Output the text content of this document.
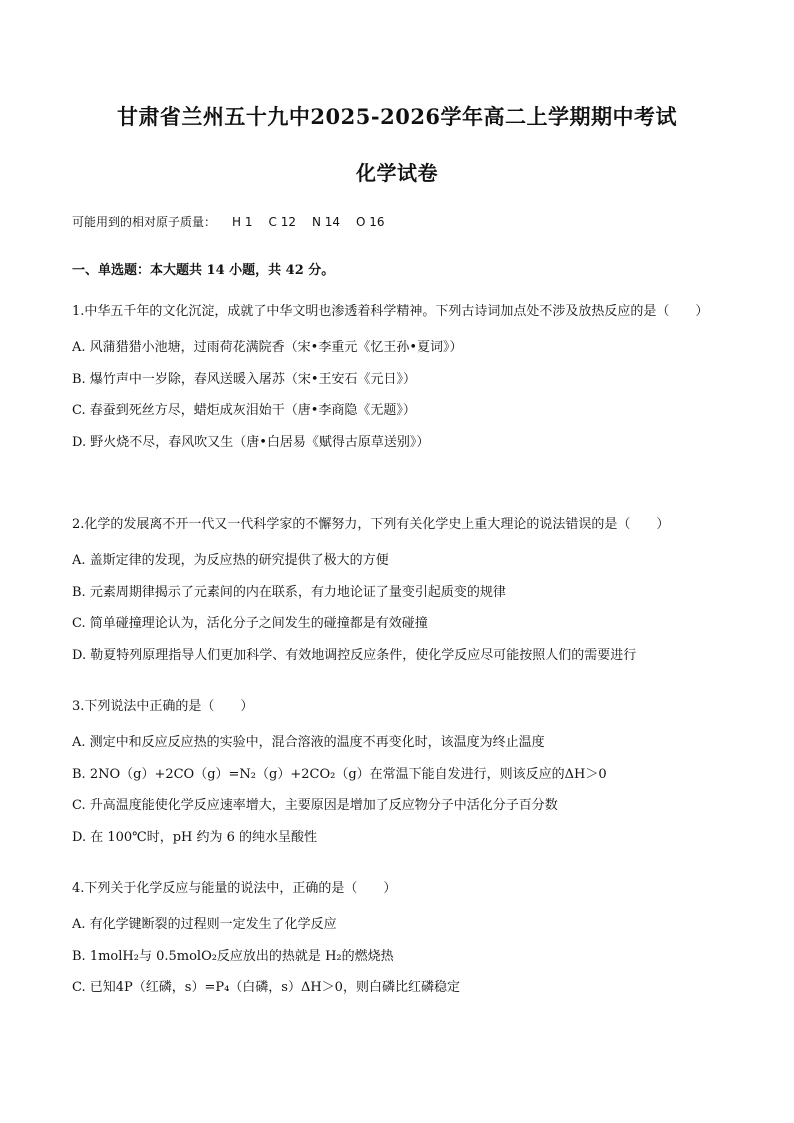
甘肃省兰州五十九中2025-2026学年高二上学期期中考试
化学试卷
可能用到的相对原子质量： H 1 C 12 N 14 O 16
一、单选题：本大题共 14 小题，共 42 分。

1.中华五千年的文化沉淀，成就了中华文明也渗透着科学精神。下列古诗词加点处不涉及放热反应的是（　　）

A. 风蒲猎猎小池塘，过雨荷花满院香（宋•李重元《忆王孙•夏词》）

B. 爆竹声中一岁除，春风送暖入屠苏（宋•王安石《元日》）

C. 春蚕到死丝方尽，蜡炬成灰泪始干（唐•李商隐《无题》）

D. 野火烧不尽，春风吹又生（唐•白居易《赋得古原草送别》）

2.化学的发展离不开一代又一代科学家的不懈努力，下列有关化学史上重大理论的说法错误的是（　　）

A. 盖斯定律的发现，为反应热的研究提供了极大的方便

B. 元素周期律揭示了元素间的内在联系，有力地论证了量变引起质变的规律

C. 简单碰撞理论认为，活化分子之间发生的碰撞都是有效碰撞

D. 勒夏特列原理指导人们更加科学、有效地调控反应条件，使化学反应尽可能按照人们的需要进行

3.下列说法中正确的是（　　）

A. 测定中和反应反应热的实验中，混合溶液的温度不再变化时，该温度为终止温度

B. 2NO（g）+2CO（g）=N₂（g）+2CO₂（g）在常温下能自发进行，则该反应的ΔH＞0

C. 升高温度能使化学反应速率增大，主要原因是增加了反应物分子中活化分子百分数

D. 在 100℃时，pH 约为 6 的纯水呈酸性

4.下列关于化学反应与能量的说法中，正确的是（　　）

A. 有化学键断裂的过程则一定发生了化学反应

B. 1molH₂与 0.5molO₂反应放出的热就是 H₂的燃烧热

C. 已知4P（红磷，s）=P₄（白磷，s）ΔH＞0，则白磷比红磷稳定
